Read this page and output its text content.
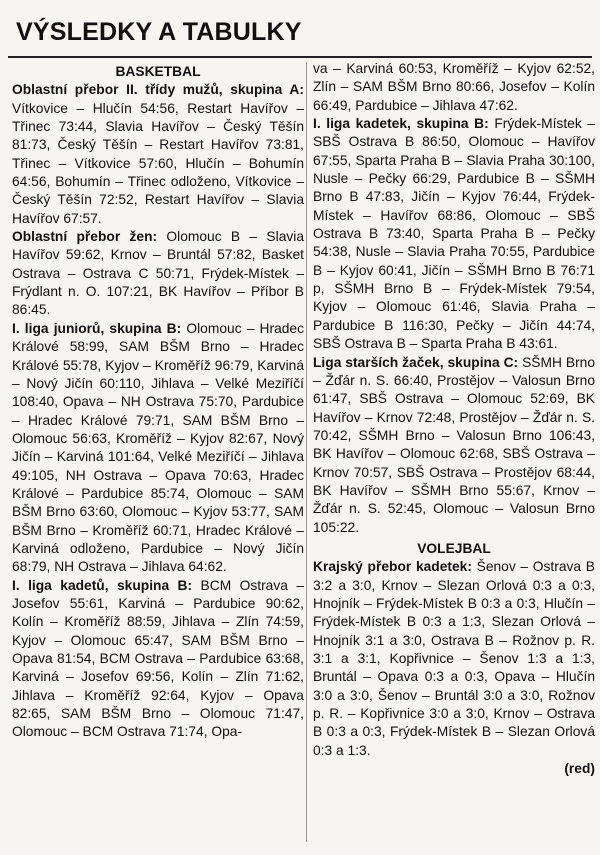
VÝSLEDKY A TABULKY

BASKETBAL

Oblastní přebor II. třídy mužů, skupina A: Vítkovice – Hlučín 54:56, Restart Havířov – Třinec 73:44, Slavia Havířov – Český Těšín 81:73, Český Těšín – Restart Havířov 73:81, Třinec – Vítkovice 57:60, Hlučín – Bohumín 64:56, Bohumín – Třinec odloženo, Vítkovice – Český Těšín 72:52, Restart Havířov – Slavia Havířov 67:57.

Oblastní přebor žen: Olomouc B – Slavia Havířov 59:62, Krnov – Bruntál 57:82, Basket Ostrava – Ostrava C 50:71, Frýdek-Místek – Frýdlant n. O. 107:21, BK Havířov – Příbor B 86:45.

I. liga juniorů, skupina B: Olomouc – Hradec Králové 58:99, SAM BŠM Brno – Hradec Králové 55:78, Kyjov – Kroměříž 96:79, Karviná – Nový Jičín 60:110, Jihlava – Velké Meziříčí 108:40, Opava – NH Ostrava 75:70, Pardubice – Hradec Králové 79:71, SAM BŠM Brno – Olomouc 56:63, Kroměříž – Kyjov 82:67, Nový Jičín – Karviná 101:64, Velké Meziříčí – Jihlava 49:105, NH Ostrava – Opava 70:63, Hradec Králové – Pardubice 85:74, Olomouc – SAM BŠM Brno 63:60, Olomouc – Kyjov 53:77, SAM BŠM Brno – Kroměříž 60:71, Hradec Králové – Karviná odloženo, Pardubice – Nový Jičín 68:79, NH Ostrava – Jihlava 64:62.

I. liga kadetů, skupina B: BCM Ostrava – Josefov 55:61, Karviná – Pardubice 90:62, Kolín – Kroměříž 88:59, Jihlava – Zlín 74:59, Kyjov – Olomouc 65:47, SAM BŠM Brno – Opava 81:54, BCM Ostrava – Pardubice 63:68, Karviná – Josefov 69:56, Kolín – Zlín 71:62, Jihlava – Kroměříž 92:64, Kyjov – Opava 82:65, SAM BŠM Brno – Olomouc 71:47, Olomouc – BCM Ostrava 71:74, Opa-

va – Karviná 60:53, Kroměříž – Kyjov 62:52, Zlín – SAM BŠM Brno 80:66, Josefov – Kolín 66:49, Pardubice – Jihlava 47:62.

I. liga kadetek, skupina B: Frýdek-Místek – SBŠ Ostrava B 86:50, Olomouc – Havířov 67:55, Sparta Praha B – Slavia Praha 30:100, Nusle – Pečky 66:29, Pardubice B – SŠMH Brno B 47:83, Jičín – Kyjov 76:44, Frýdek-Místek – Havířov 68:86, Olomouc – SBŠ Ostrava B 73:40, Sparta Praha B – Pečky 54:38, Nusle – Slavia Praha 70:55, Pardubice B – Kyjov 60:41, Jičín – SŠMH Brno B 76:71 p, SŠMH Brno B – Frýdek-Místek 79:54, Kyjov – Olomouc 61:46, Slavia Praha – Pardubice B 116:30, Pečky – Jičín 44:74, SBŠ Ostrava B – Sparta Praha B 43:61.

Liga starších žaček, skupina C: SŠMH Brno – Žďár n. S. 66:40, Prostějov – Valosun Brno 61:47, SBŠ Ostrava – Olomouc 52:69, BK Havířov – Krnov 72:48, Prostějov – Žďár n. S. 70:42, SŠMH Brno – Valosun Brno 106:43, BK Havířov – Olomouc 62:68, SBŠ Ostrava – Krnov 70:57, SBŠ Ostrava – Prostějov 68:44, BK Havířov – SŠMH Brno 55:67, Krnov – Žďár n. S. 52:45, Olomouc – Valosun Brno 105:22.

VOLEJBAL

Krajský přebor kadetek: Šenov – Ostrava B 3:2 a 3:0, Krnov – Slezan Orlová 0:3 a 0:3, Hnojník – Frýdek-Místek B 0:3 a 0:3, Hlučín – Frýdek-Místek B 0:3 a 1:3, Slezan Orlová – Hnojník 3:1 a 3:0, Ostrava B – Rožnov p. R. 3:1 a 3:1, Kopřivnice – Šenov 1:3 a 1:3, Bruntál – Opava 0:3 a 0:3, Opava – Hlučín 3:0 a 3:0, Šenov – Bruntál 3:0 a 3:0, Rožnov p. R. – Kopřivnice 3:0 a 3:0, Krnov – Ostrava B 0:3 a 0:3, Frýdek-Místek B – Slezan Orlová 0:3 a 1:3.

(red)
